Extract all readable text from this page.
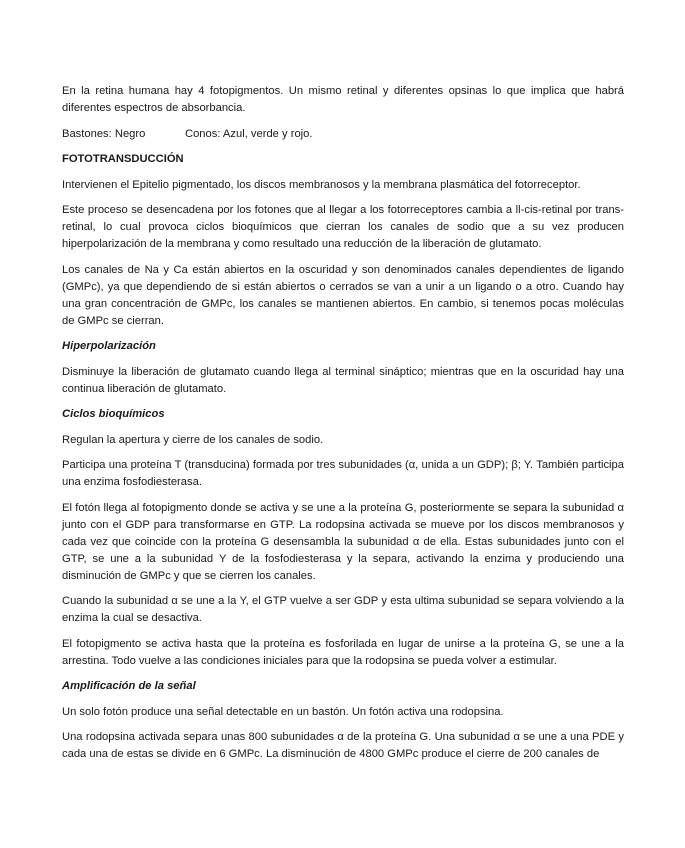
En la retina humana hay 4 fotopigmentos. Un mismo retinal y diferentes opsinas lo que implica que habrá diferentes espectros de absorbancia.

Bastones: Negro	Conos: Azul, verde y rojo.
FOTOTRANSDUCCIÓN

Intervienen el Epitelio pigmentado, los discos membranosos y la membrana plasmática del fotorreceptor.

Este proceso se desencadena por los fotones que al llegar a los fotorreceptores cambia a ll-cis-retinal por trans-retinal, lo cual provoca ciclos bioquímicos que cierran los canales de sodio que a su vez producen hiperpolarización de la membrana y como resultado una reducción de la liberación de glutamato.

Los canales de Na y Ca están abiertos en la oscuridad y son denominados canales dependientes de ligando (GMPc), ya que dependiendo de si están abiertos o cerrados se van a unir a un ligando o a otro. Cuando hay una gran concentración de GMPc, los canales se mantienen abiertos. En cambio, si tenemos pocas moléculas de GMPc se cierran.

Hiperpolarización

Disminuye la liberación de glutamato cuando llega al terminal sináptico; mientras que en la oscuridad hay una continua liberación de glutamato.

Ciclos bioquímicos

Regulan la apertura y cierre de los canales de sodio.

Participa una proteína T (transducina) formada por tres subunidades (α, unida a un GDP); β; Υ. También participa una enzima fosfodiesterasa.

El fotón llega al fotopigmento donde se activa y se une a la proteína G, posteriormente se separa la subunidad α junto con el GDP para transformarse en GTP. La rodopsina activada se mueve por los discos membranosos y cada vez que coincide con la proteína G desensambla la subunidad α de ella. Estas subunidades junto con el GTP, se une a la subunidad Υ de la fosfodiesterasa y la separa, activando la enzima y produciendo una disminución de GMPc y que se cierren los canales.

Cuando la subunidad α se une a la Υ, el GTP vuelve a ser GDP y esta ultima subunidad se separa volviendo a la enzima la cual se desactiva.

El fotopigmento se activa hasta que la proteína es fosforilada en lugar de unirse a la proteína G, se une a la arrestina. Todo vuelve a las condiciones iniciales para que la rodopsina se pueda volver a estimular.

Amplificación de la señal

Un solo fotón produce una señal detectable en un bastón. Un fotón activa una rodopsina.

Una rodopsina activada separa unas 800 subunidades α de la proteína G. Una subunidad α se une a una PDE y cada una de estas se divide en 6 GMPc. La disminución de 4800 GMPc produce el cierre de 200 canales de
